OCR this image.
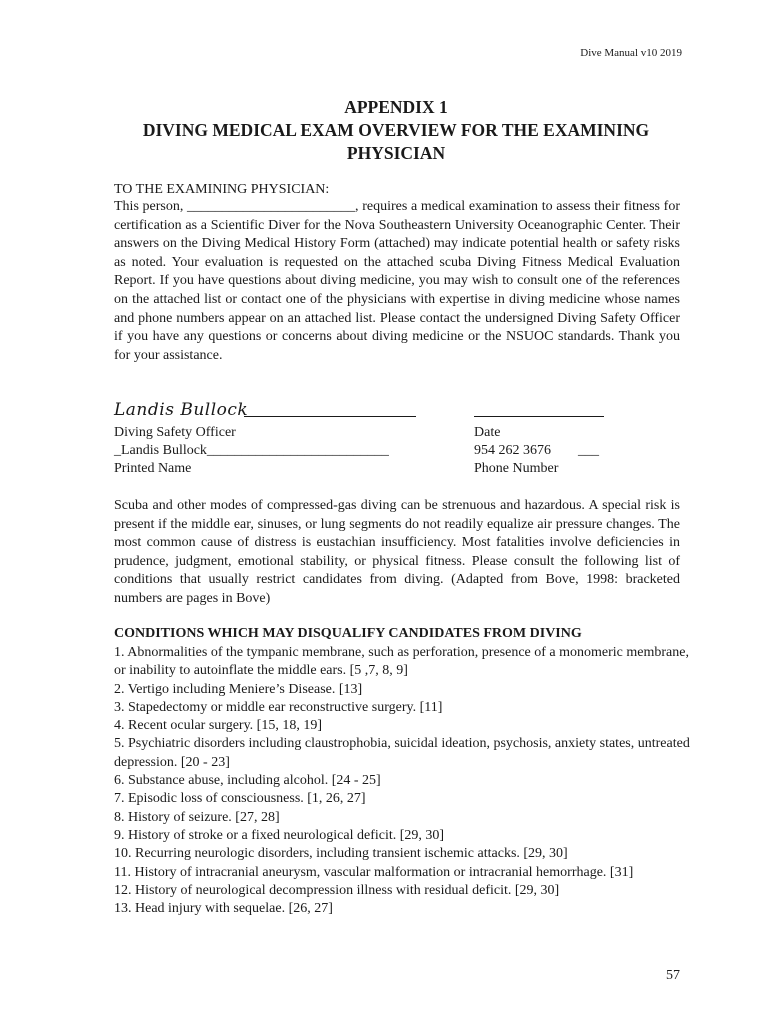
Dive Manual v10 2019
APPENDIX 1
DIVING MEDICAL EXAM OVERVIEW FOR THE EXAMINING
PHYSICIAN
TO THE EXAMINING PHYSICIAN:
This person, ________________________, requires a medical examination to assess their fitness for certification as a Scientific Diver for the Nova Southeastern University Oceanographic Center. Their answers on the Diving Medical History Form (attached) may indicate potential health or safety risks as noted. Your evaluation is requested on the attached scuba Diving Fitness Medical Evaluation Report. If you have questions about diving medicine, you may wish to consult one of the references on the attached list or contact one of the physicians with expertise in diving medicine whose names and phone numbers appear on an attached list. Please contact the undersigned Diving Safety Officer if you have any questions or concerns about diving medicine or the NSUOC standards. Thank you for your assistance.
Landis Bullock
Diving Safety Officer
_Landis Bullock__________________________
Printed Name
Date
954 262 3676 ___
Phone Number
Scuba and other modes of compressed-gas diving can be strenuous and hazardous. A special risk is present if the middle ear, sinuses, or lung segments do not readily equalize air pressure changes. The most common cause of distress is eustachian insufficiency. Most fatalities involve deficiencies in prudence, judgment, emotional stability, or physical fitness. Please consult the following list of conditions that usually restrict candidates from diving. (Adapted from Bove, 1998: bracketed numbers are pages in Bove)
CONDITIONS WHICH MAY DISQUALIFY CANDIDATES FROM DIVING
1. Abnormalities of the tympanic membrane, such as perforation, presence of a monomeric membrane, or inability to autoinflate the middle ears. [5 ,7, 8, 9]
2. Vertigo including Meniere’s Disease. [13]
3. Stapedectomy or middle ear reconstructive surgery. [11]
4. Recent ocular surgery. [15, 18, 19]
5. Psychiatric disorders including claustrophobia, suicidal ideation, psychosis, anxiety states, untreated depression. [20 - 23]
6. Substance abuse, including alcohol. [24 - 25]
7. Episodic loss of consciousness. [1, 26, 27]
8. History of seizure. [27, 28]
9. History of stroke or a fixed neurological deficit. [29, 30]
10. Recurring neurologic disorders, including transient ischemic attacks. [29, 30]
11. History of intracranial aneurysm, vascular malformation or intracranial hemorrhage. [31]
12. History of neurological decompression illness with residual deficit. [29, 30]
13. Head injury with sequelae. [26, 27]
57
